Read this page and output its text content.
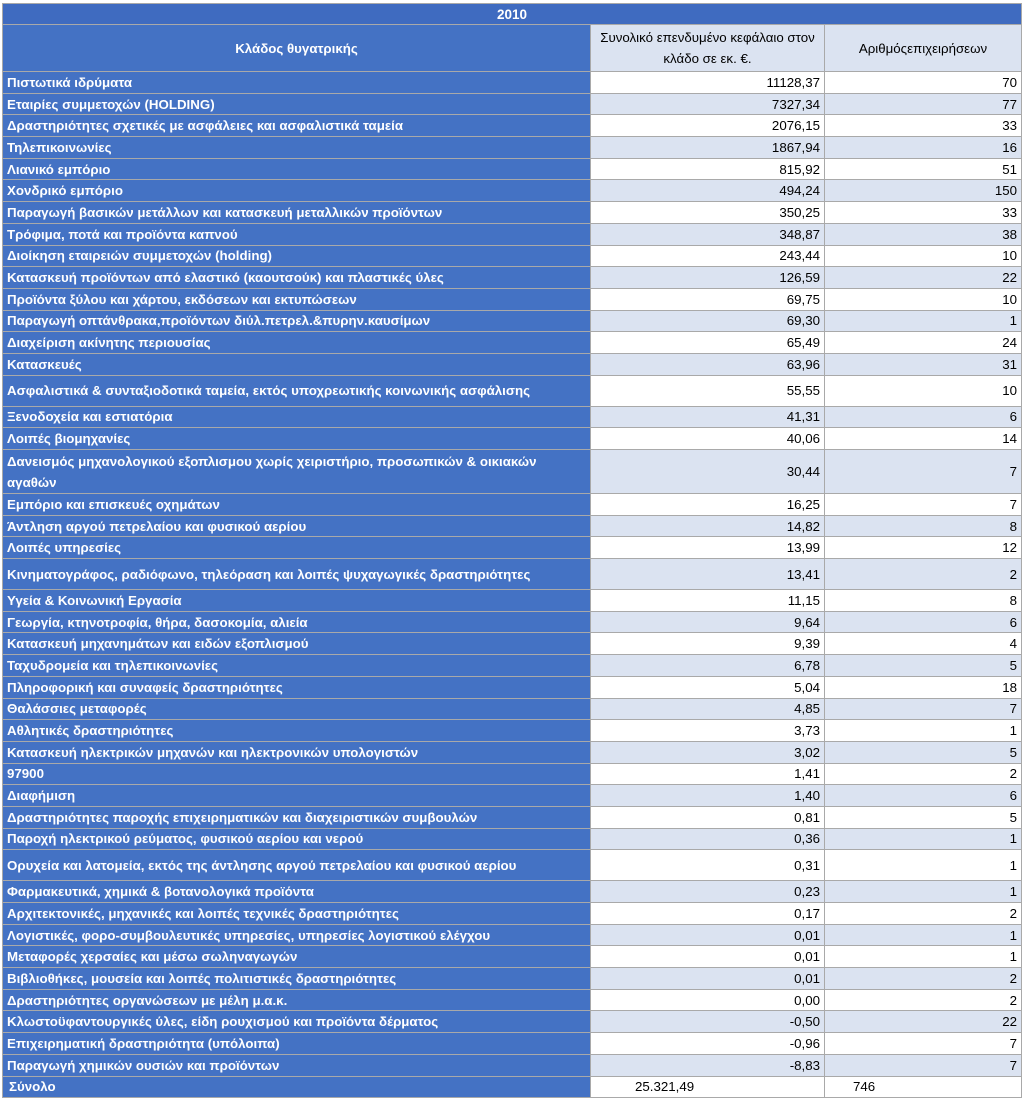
2010		
Κλάδος θυγατρικής	Συνολικό επενδυμένο κεφάλαιο στον κλάδο σε εκ. €.	Αριθμόςεπιχειρήσεων
Πιστωτικά ιδρύματα	11128,37	70
Εταιρίες συμμετοχών (HOLDING)	7327,34	77
Δραστηριότητες σχετικές με ασφάλειες και ασφαλιστικά ταμεία	2076,15	33
Τηλεπικοινωνίες	1867,94	16
Λιανικό εμπόριο	815,92	51
Χονδρικό εμπόριο	494,24	150
Παραγωγή βασικών μετάλλων και κατασκευή μεταλλικών προϊόντων	350,25	33
Τρόφιμα, ποτά και προϊόντα καπνού	348,87	38
Διοίκηση εταιρειών συμμετοχών (holding)	243,44	10
Κατασκευή προϊόντων από ελαστικό (καουτσούκ) και πλαστικές ύλες	126,59	22
Προϊόντα ξύλου και χάρτου, εκδόσεων και εκτυπώσεων	69,75	10
Παραγωγή οπτάνθρακα,προϊόντων διύλ.πετρελ.&πυρην.καυσίμων	69,30	1
Διαχείριση ακίνητης περιουσίας	65,49	24
Κατασκευές	63,96	31
Ασφαλιστικά & συνταξιοδοτικά ταμεία, εκτός υποχρεωτικής κοινωνικής ασφάλισης	55,55	10
Ξενοδοχεία και εστιατόρια	41,31	6
Λοιπές βιομηχανίες	40,06	14
Δανεισμός μηχανολογικού εξοπλισμου χωρίς χειριστήριο, προσωπικών & οικιακών αγαθών	30,44	7
Εμπόριο και επισκευές οχημάτων	16,25	7
Άντληση αργού πετρελαίου και φυσικού αερίου	14,82	8
Λοιπές υπηρεσίες	13,99	12
Κινηματογράφος, ραδιόφωνο, τηλεόραση και λοιπές ψυχαγωγικές δραστηριότητες	13,41	2
Υγεία & Κοινωνική Εργασία	11,15	8
Γεωργία, κτηνοτροφία, θήρα, δασοκομία, αλιεία	9,64	6
Κατασκευή μηχανημάτων και ειδών εξοπλισμού	9,39	4
Ταχυδρομεία και τηλεπικοινωνίες	6,78	5
Πληροφορική και συναφείς δραστηριότητες	5,04	18
Θαλάσσιες μεταφορές	4,85	7
Αθλητικές δραστηριότητες	3,73	1
Κατασκευή ηλεκτρικών μηχανών και ηλεκτρονικών υπολογιστών	3,02	5
97900	1,41	2
Διαφήμιση	1,40	6
Δραστηριότητες παροχής επιχειρηματικών και διαχειριστικών συμβουλών	0,81	5
Παροχή ηλεκτρικού ρεύματος, φυσικού αερίου και νερού	0,36	1
Ορυχεία και λατομεία, εκτός της άντλησης αργού πετρελαίου και φυσικού αερίου	0,31	1
Φαρμακευτικά, χημικά & βοτανολογικά προϊόντα	0,23	1
Αρχιτεκτονικές, μηχανικές και λοιπές τεχνικές δραστηριότητες	0,17	2
Λογιστικές, φορο-συμβουλευτικές υπηρεσίες, υπηρεσίες λογιστικού ελέγχου	0,01	1
Μεταφορές χερσαίες και μέσω σωληναγωγών	0,01	1
Βιβλιοθήκες, μουσεία και λοιπές πολιτιστικές δραστηριότητες	0,01	2
Δραστηριότητες οργανώσεων με μέλη μ.α.κ.	0,00	2
Κλωστοϋφαντουργικές ύλες, είδη ρουχισμού και προϊόντα δέρματος	-0,50	22
Επιχειρηματική δραστηριότητα (υπόλοιπα)	-0,96	7
Παραγωγή χημικών ουσιών και προϊόντων	-8,83	7
Σύνολο	25.321,49	746
